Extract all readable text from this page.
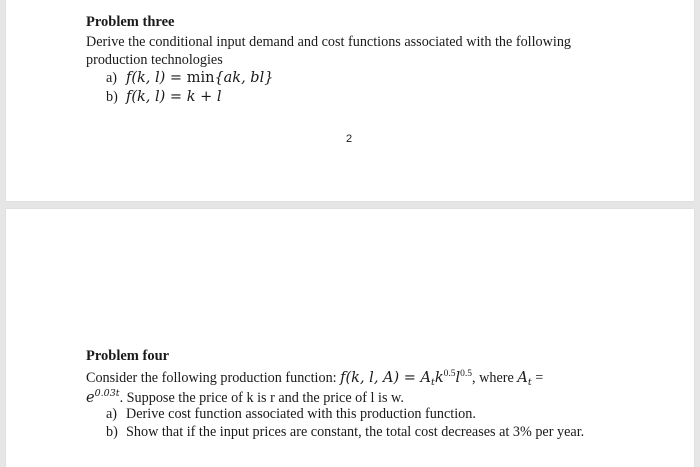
Problem three
Derive the conditional input demand and cost functions associated with the following
production technologies
a) f(k, l) = min{ak, bl}
b) f(k, l) = k + l
2
Problem four
Consider the following production function: f(k, l, $A) = A_tk^{0.5}l^{0.5}$, where $A_t$ =
$e^{0.03t}$. Suppose the price of k is r and the price of l is w.
a) Derive cost function associated with this production function.
b) Show that if the input prices are constant, the total cost decreases at 3% per year.
